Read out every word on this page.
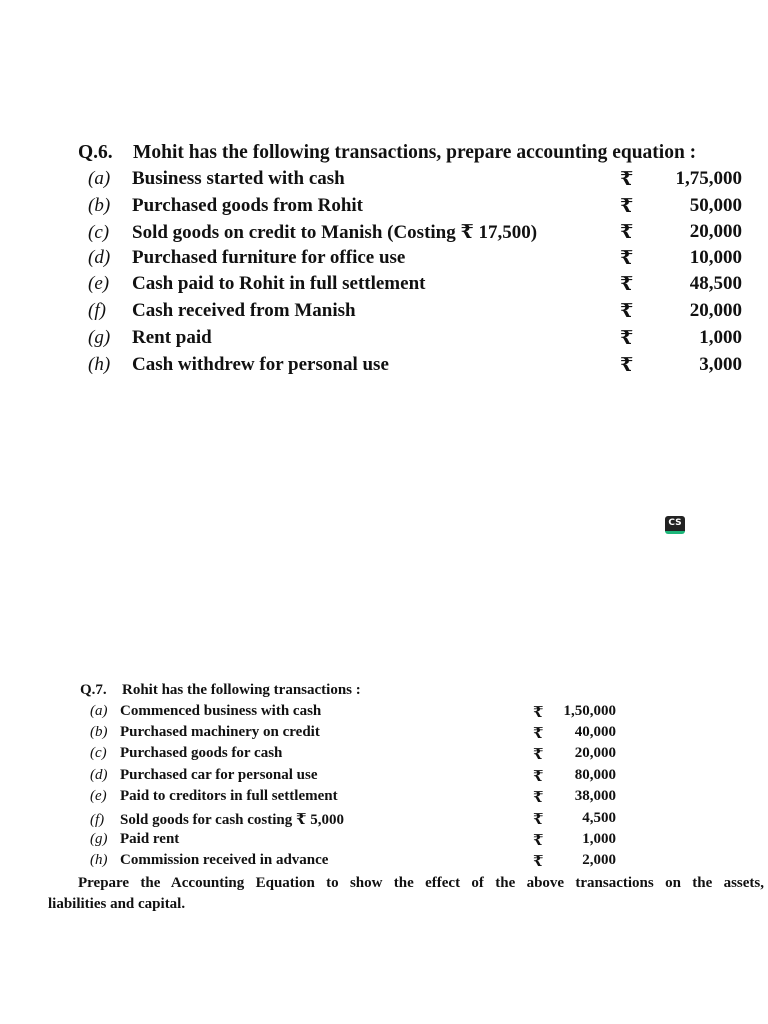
Q.6. Mohit has the following transactions, prepare accounting equation :
(a) Business started with cash
(b) Purchased goods from Rohit
(c) Sold goods on credit to Manish (Costing ₹ 17,500)
(d) Purchased furniture for office use
(e) Cash paid to Rohit in full settlement
(f) Cash received from Manish
(g) Rent paid
(h) Cash withdrew for personal use
₹
₹
₹
₹
₹
₹
₹
₹
1,75,000
50,000
20,000
10,000
48,500
20,000
1,000
3,000
CS
Q.7. Rohit has the following transactions :
(a) Commenced business with cash
(b) Purchased machinery on credit
(c) Purchased goods for cash
(d) Purchased car for personal use
(e) Paid to creditors in full settlement
(f) Sold goods for cash costing ₹ 5,000
(g) Paid rent
(h) Commission received in advance
₹
₹
₹
₹
₹
₹
₹
₹
1,50,000
40,000
20,000
80,000
38,000
4,500
1,000
2,000
Prepare the Accounting Equation to show the effect of the above transactions on the assets,
liabilities and capital.
